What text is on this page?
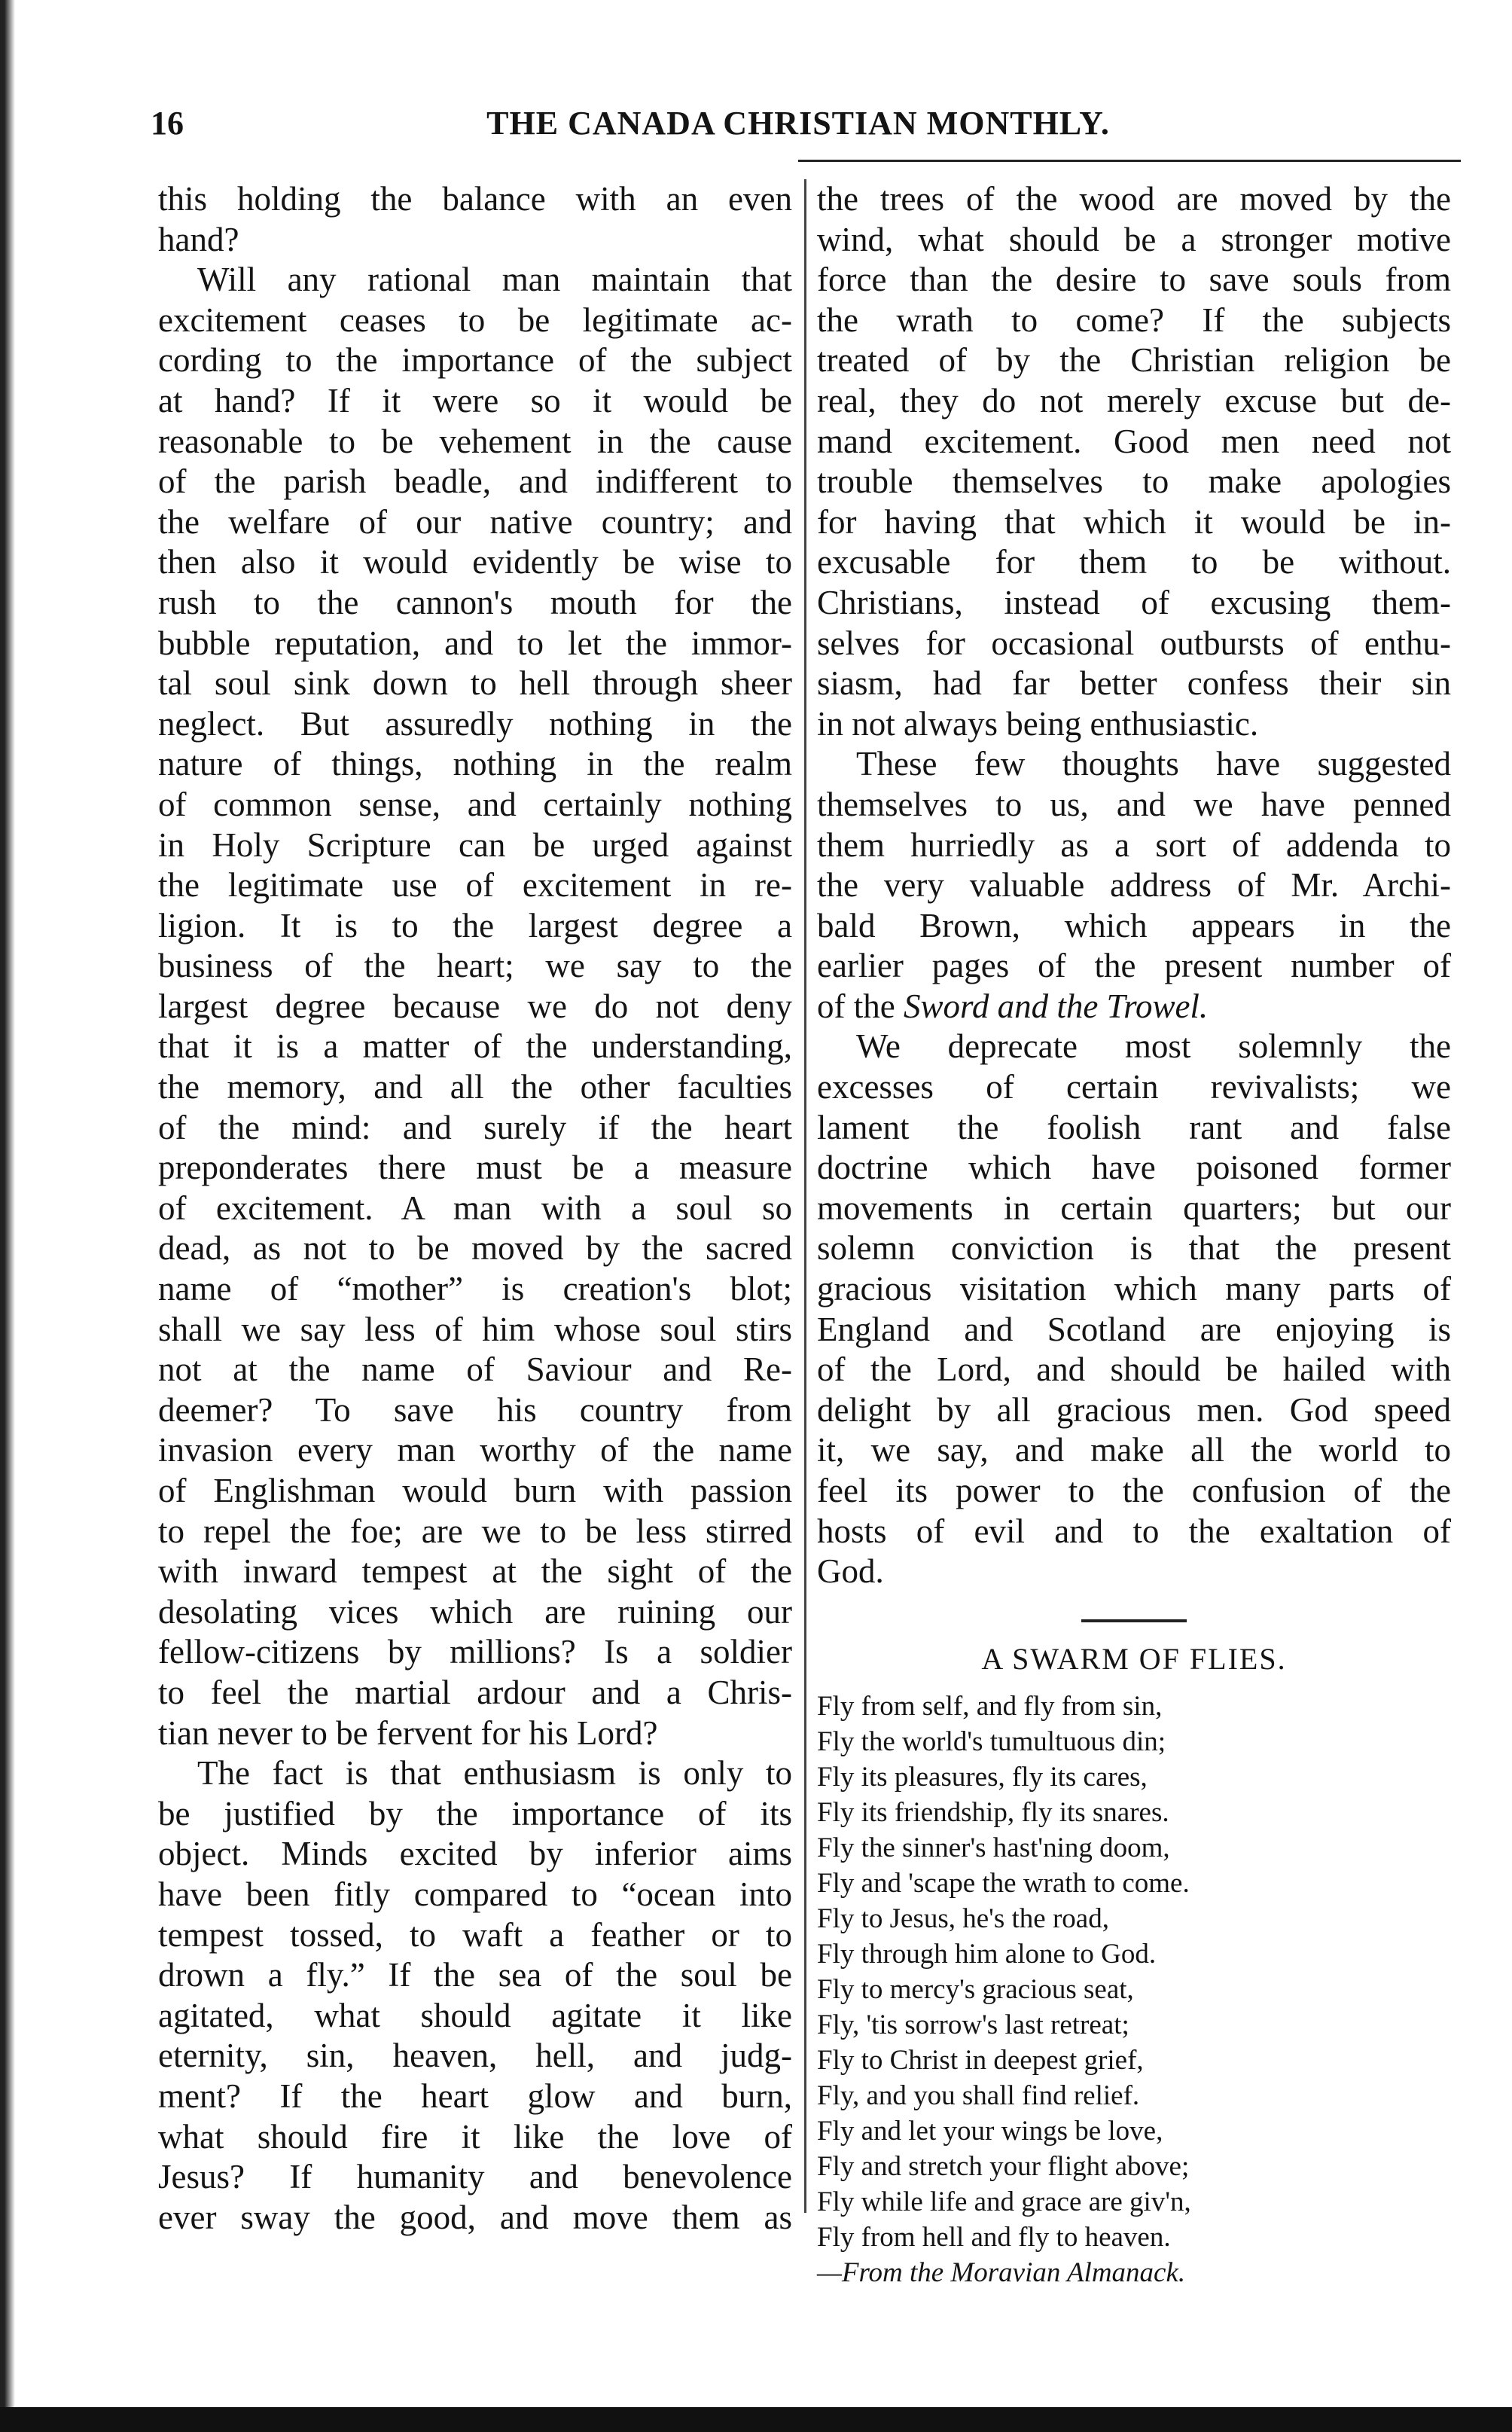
16	THE CANADA CHRISTIAN MONTHLY.

this holding the balance with an even
hand?

Will any rational man maintain that
excitement ceases to be legitimate ac-
cording to the importance of the subject
at hand? If it were so it would be
reasonable to be vehement in the cause
of the parish beadle, and indifferent to
the welfare of our native country; and
then also it would evidently be wise to
rush to the cannon's mouth for the
bubble reputation, and to let the immor-
tal soul sink down to hell through sheer
neglect. But assuredly nothing in the
nature of things, nothing in the realm
of common sense, and certainly nothing
in Holy Scripture can be urged against
the legitimate use of excitement in re-
ligion. It is to the largest degree a
business of the heart; we say to the
largest degree because we do not deny
that it is a matter of the understanding,
the memory, and all the other faculties
of the mind: and surely if the heart
preponderates there must be a measure
of excitement. A man with a soul so
dead, as not to be moved by the sacred
name of “mother” is creation's blot;
shall we say less of him whose soul stirs
not at the name of Saviour and Re-
deemer? To save his country from
invasion every man worthy of the name
of Englishman would burn with passion
to repel the foe; are we to be less stirred
with inward tempest at the sight of the
desolating vices which are ruining our
fellow-citizens by millions? Is a soldier
to feel the martial ardour and a Chris-
tian never to be fervent for his Lord?

The fact is that enthusiasm is only to
be justified by the importance of its
object. Minds excited by inferior aims
have been fitly compared to “ocean into
tempest tossed, to waft a feather or to
drown a fly.” If the sea of the soul be
agitated, what should agitate it like
eternity, sin, heaven, hell, and judg-
ment? If the heart glow and burn,
what should fire it like the love of
Jesus? If humanity and benevolence
ever sway the good, and move them as

the trees of the wood are moved by the
wind, what should be a stronger motive
force than the desire to save souls from
the wrath to come? If the subjects
treated of by the Christian religion be
real, they do not merely excuse but de-
mand excitement. Good men need not
trouble themselves to make apologies
for having that which it would be in-
excusable for them to be without.
Christians, instead of excusing them-
selves for occasional outbursts of enthu-
siasm, had far better confess their sin
in not always being enthusiastic.

These few thoughts have suggested
themselves to us, and we have penned
them hurriedly as a sort of addenda to
the very valuable address of Mr. Archi-
bald Brown, which appears in the
earlier pages of the present number of
of the Sword and the Trowel.

We deprecate most solemnly the
excesses of certain revivalists; we
lament the foolish rant and false
doctrine which have poisoned former
movements in certain quarters; but our
solemn conviction is that the present
gracious visitation which many parts of
England and Scotland are enjoying is
of the Lord, and should be hailed with
delight by all gracious men. God speed
it, we say, and make all the world to
feel its power to the confusion of the
hosts of evil and to the exaltation of
God.

A SWARM OF FLIES.
Fly from self, and fly from sin,
Fly the world's tumultuous din;
Fly its pleasures, fly its cares,
Fly its friendship, fly its snares.
Fly the sinner's hast'ning doom,
Fly and 'scape the wrath to come.
Fly to Jesus, he's the road,
Fly through him alone to God.
Fly to mercy's gracious seat,
Fly, 'tis sorrow's last retreat;
Fly to Christ in deepest grief,
Fly, and you shall find relief.
Fly and let your wings be love,
Fly and stretch your flight above;
Fly while life and grace are giv'n,
Fly from hell and fly to heaven.
—From the Moravian Almanack.
